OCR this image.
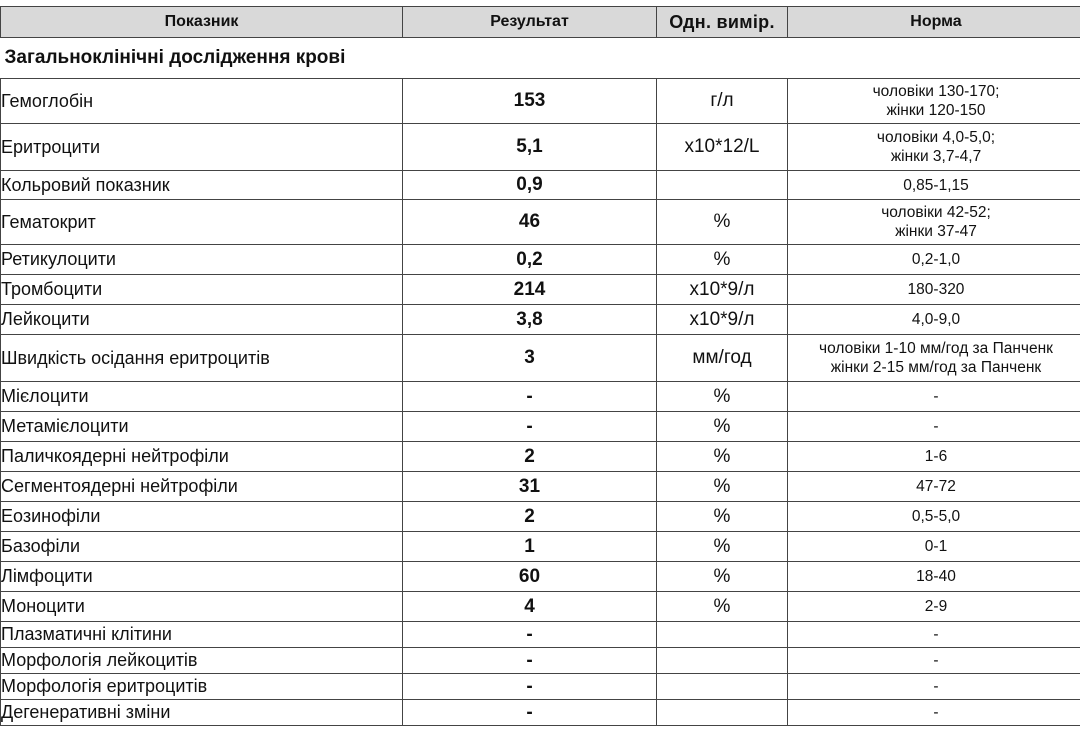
Показник	Результат	Одн. вимір.	Норма
Загальноклінічні дослідження крові			
Гемоглобін	153	г/л	чоловіки 130-170;
жінки 120-150

Еритроцити	5,1	x10*12/L	чоловіки 4,0-5,0;
жінки 3,7-4,7

Кольровий показник	0,9		0,85-1,15

Гематокрит	46	%	чоловіки 42-52;
жінки 37-47

Ретикулоцити	0,2	%	0,2-1,0

Тромбоцити	214	x10*9/л	180-320

Лейкоцити	3,8	x10*9/л	4,0-9,0

Швидкість осідання еритроцитів	3	мм/год	чоловіки 1-10 мм/год за Панченк
жінки 2-15 мм/год за Панченк

Мієлоцити	-	%	-

Метамієлоцити	-	%	-

Паличкоядерні нейтрофіли	2	%	1-6

Сегментоядерні нейтрофіли	31	%	47-72

Еозинофіли	2	%	0,5-5,0

Базофіли	1	%	0-1

Лімфоцити	60	%	18-40

Моноцити	4	%	2-9

Плазматичні клітини	-		-

Морфологія лейкоцитів	-		-

Морфологія еритроцитів	-		-

Дегенеративні зміни	-		-
